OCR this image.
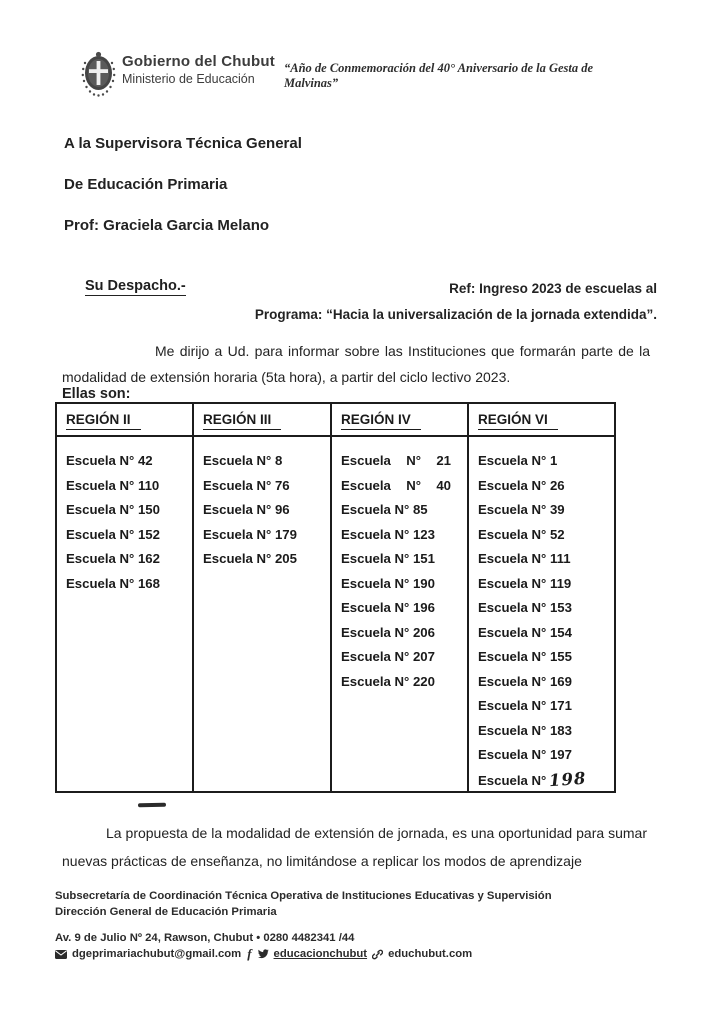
Gobierno del Chubut
Ministerio de Educación
“Año de Conmemoración del 40° Aniversario de la Gesta de Malvinas”
A la Supervisora Técnica General
De Educación Primaria
Prof: Graciela Garcia Melano
Su Despacho.-	Ref: Ingreso 2023 de escuelas al
Programa: “Hacia la universalización de la jornada extendida”.
Me dirijo a Ud. para informar sobre las Instituciones que formarán parte de la modalidad de extensión horaria (5ta hora), a partir del ciclo lectivo 2023.
Ellas son:
REGIÓN II
Escuela N° 42
Escuela N° 110
Escuela N° 150
Escuela N° 152
Escuela N° 162
Escuela N° 168
REGIÓN III
Escuela N° 8
Escuela N° 76
Escuela N° 96
Escuela N° 179
Escuela N° 205
REGIÓN IV
Escuela N° 21
Escuela N° 40
Escuela N° 85
Escuela N° 123
Escuela N° 151
Escuela N° 190
Escuela N° 196
Escuela N° 206
Escuela N° 207
Escuela N° 220
REGIÓN VI
Escuela N° 1
Escuela N° 26
Escuela N° 39
Escuela N° 52
Escuela N° 111
Escuela N° 119
Escuela N° 153
Escuela N° 154
Escuela N° 155
Escuela N° 169
Escuela N° 171
Escuela N° 183
Escuela N° 197
Escuela N° 198
La propuesta de la modalidad de extensión de jornada, es una oportunidad para sumar nuevas prácticas de enseñanza, no limitándose a replicar los modos de aprendizaje
Subsecretaría de Coordinación Técnica Operativa de Instituciones Educativas y Supervisión
Dirección General de Educación Primaria
Av. 9 de Julio Nº 24, Rawson, Chubut • 0280 4482341 /44
dgeprimariachubut@gmail.com f educacionchubut educhubut.com
